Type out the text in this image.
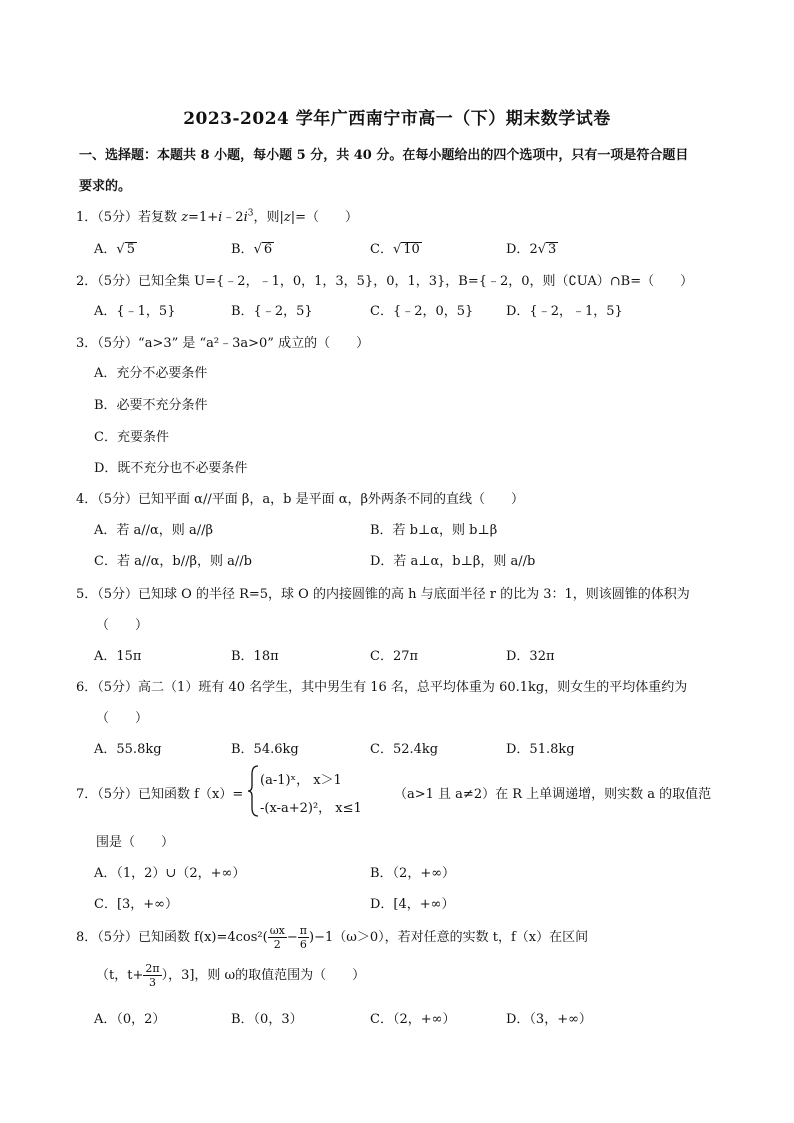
2023-2024 学年广西南宁市高一（下）期末数学试卷
一、选择题：本题共 8 小题，每小题 5 分，共 40 分。在每小题给出的四个选项中，只有一项是符合题目
要求的。
1．（5分）若复数 $z=1+i﹣2i^3$，则|z|=（　　）
A．√ 5	B．√ 6	C．√ 10	D．2√ 3
2．（5分）已知全集 U={﹣2，﹣1，0，1，3，5}，0，1，3}，B={﹣2，0，则（∁UA）∩B=（　　）
A．{﹣1，5}	B．{﹣2，5}	C．{﹣2，0，5}	D．{﹣2，﹣1，5}
3．（5分）“a>3” 是 “a²﹣3a>0” 成立的（　　）
A．充分不必要条件
B．必要不充分条件
C．充要条件
D．既不充分也不必要条件
4．（5分）已知平面 α//平面 β，a，b 是平面 α，β外两条不同的直线（　　）
A．若 a//α，则 a//β	B．若 b⊥α，则 b⊥β
C．若 a//α，b//β，则 a//b	D．若 a⊥α，b⊥β，则 a//b
5．（5分）已知球 O 的半径 R=5，球 O 的内接圆锥的高 h 与底面半径 r 的比为 3：1，则该圆锥的体积为
（　　）
A．15π	B．18π	C．27π	D．32π
6．（5分）高二（1）班有 40 名学生，其中男生有 16 名，总平均体重为 60.1kg，则女生的平均体重约为
（　　）
A．55.8kg	B．54.6kg	C．52.4kg	D．51.8kg
7．（5分）已知函数 f（x）=
(a-1)ˣ， x＞1
-(x-a+2)²， x≤1
（a>1 且 a≠2）在 R 上单调递增，则实数 a 的取值范
围是（　　）
A．（1，2）∪（2，+∞）	B．（2，+∞）
C．[3，+∞）	D．[4，+∞）
8．（5分）已知函数 $f(x)=4\cos^2( \frac{\omega x}{2} - \frac{\pi}{6} )-1(\omega>0)$，若对任意的实数 t，f（x）在区间
（t，$t+ \frac{2\pi}{3}$ ），3]，则 ω的取值范围为（　　）
A．（0，2）	B．（0，3）	C．（2，+∞）	D．（3，+∞）
